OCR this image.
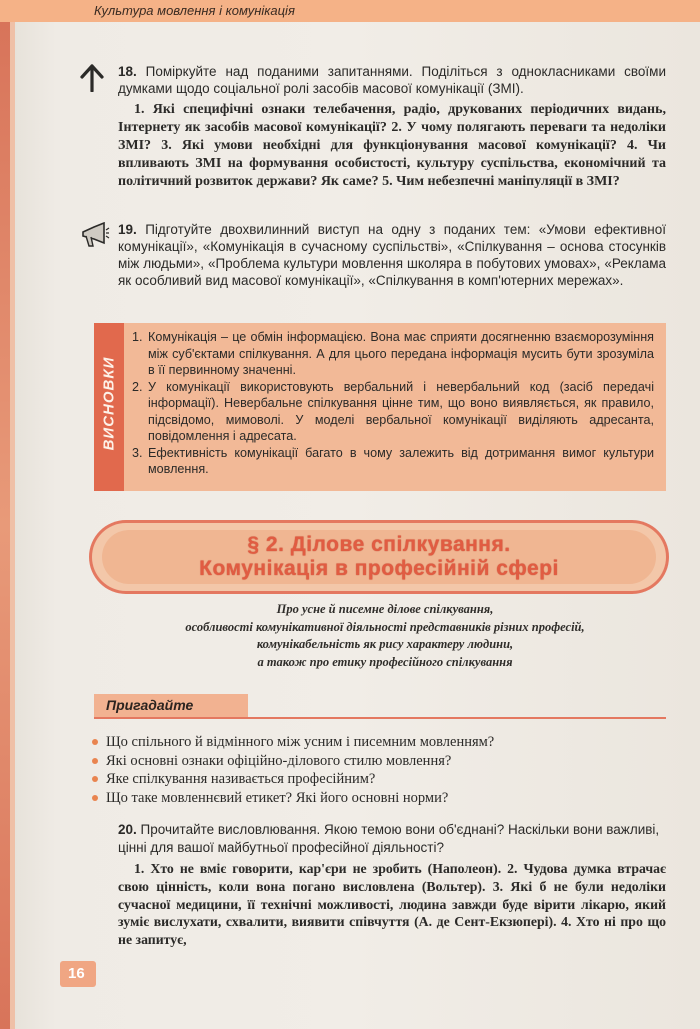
Культура мовлення і комунікація
18. Поміркуйте над поданими запитаннями. Поділіться з однокласниками своїми думками щодо соціальної ролі засобів масової комунікації (ЗМІ).
1. Які специфічні ознаки телебачення, радіо, друкованих періодичних видань, Інтернету як засобів масової комунікації? 2. У чому полягають переваги та недоліки ЗМІ? 3. Які умови необхідні для функціонування масової комунікації? 4. Чи впливають ЗМІ на формування особистості, культуру суспільства, економічний та політичний розвиток держави? Як саме? 5. Чим небезпечні маніпуляції в ЗМІ?
19. Підготуйте двохвилинний виступ на одну з поданих тем: «Умови ефективної комунікації», «Комунікація в сучасному суспільстві», «Спілкування – основа стосунків між людьми», «Проблема культури мовлення школяра в побутових умовах», «Реклама як особливий вид масової комунікації», «Спілкування в комп'ютерних мережах».
ВИСНОВКИ
1. Комунікація – це обмін інформацією. Вона має сприяти досягненню взаєморозуміння між суб'єктами спілкування. А для цього передана інформація мусить бути зрозуміла в її первинному значенні.
2. У комунікації використовують вербальний і невербальний код (засіб передачі інформації). Невербальне спілкування цінне тим, що воно виявляється, як правило, підсвідомо, мимоволі. У моделі вербальної комунікації виділяють адресанта, повідомлення і адресата.
3. Ефективність комунікації багато в чому залежить від дотримання вимог культури мовлення.
§ 2. Ділове спілкування.
Комунікація в професійній сфері
Про усне й писемне ділове спілкування,
особливості комунікативної діяльності представників різних професій,
комунікабельність як рису характеру людини,
а також про етику професійного спілкування
Пригадайте
Що спільного й відмінного між усним і писемним мовленням?
Які основні ознаки офіційно-ділового стилю мовлення?
Яке спілкування називається професійним?
Що таке мовленнєвий етикет? Які його основні норми?
20. Прочитайте висловлювання. Якою темою вони об'єднані? Наскільки вони важливі, цінні для вашої майбутньої професійної діяльності?
1. Хто не вміє говорити, кар'єри не зробить (Наполеон). 2. Чудова думка втрачає свою цінність, коли вона погано висловлена (Вольтер). 3. Які б не були недоліки сучасної медицини, її технічні можливості, людина завжди буде вірити лікарю, який зуміє вислухати, схвалити, виявити співчуття (А. де Сент-Екзюпері). 4. Хто ні про що не запитує,
16
